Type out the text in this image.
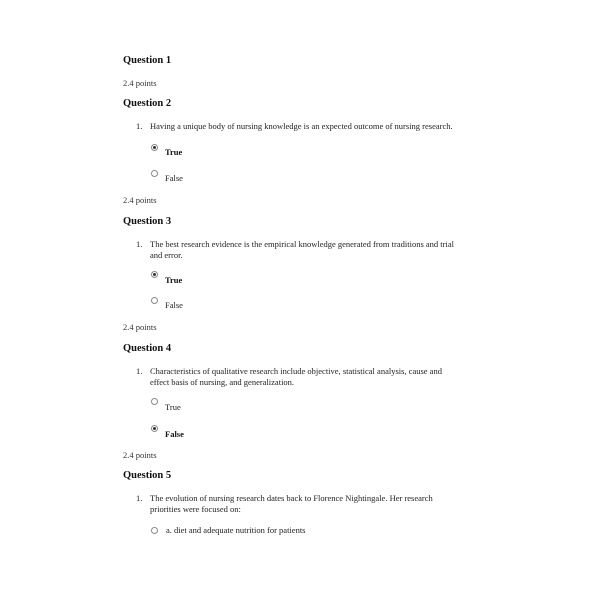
Question 1
2.4 points
Question 2
1. Having a unique body of nursing knowledge is an expected outcome of nursing research.
True
False
2.4 points
Question 3
1. The best research evidence is the empirical knowledge generated from traditions and trial
and error.
True
False
2.4 points
Question 4
1. Characteristics of qualitative research include objective, statistical analysis, cause and
effect basis of nursing, and generalization.
True
False
2.4 points
Question 5
1. The evolution of nursing research dates back to Florence Nightingale. Her research
priorities were focused on:
a. diet and adequate nutrition for patients
